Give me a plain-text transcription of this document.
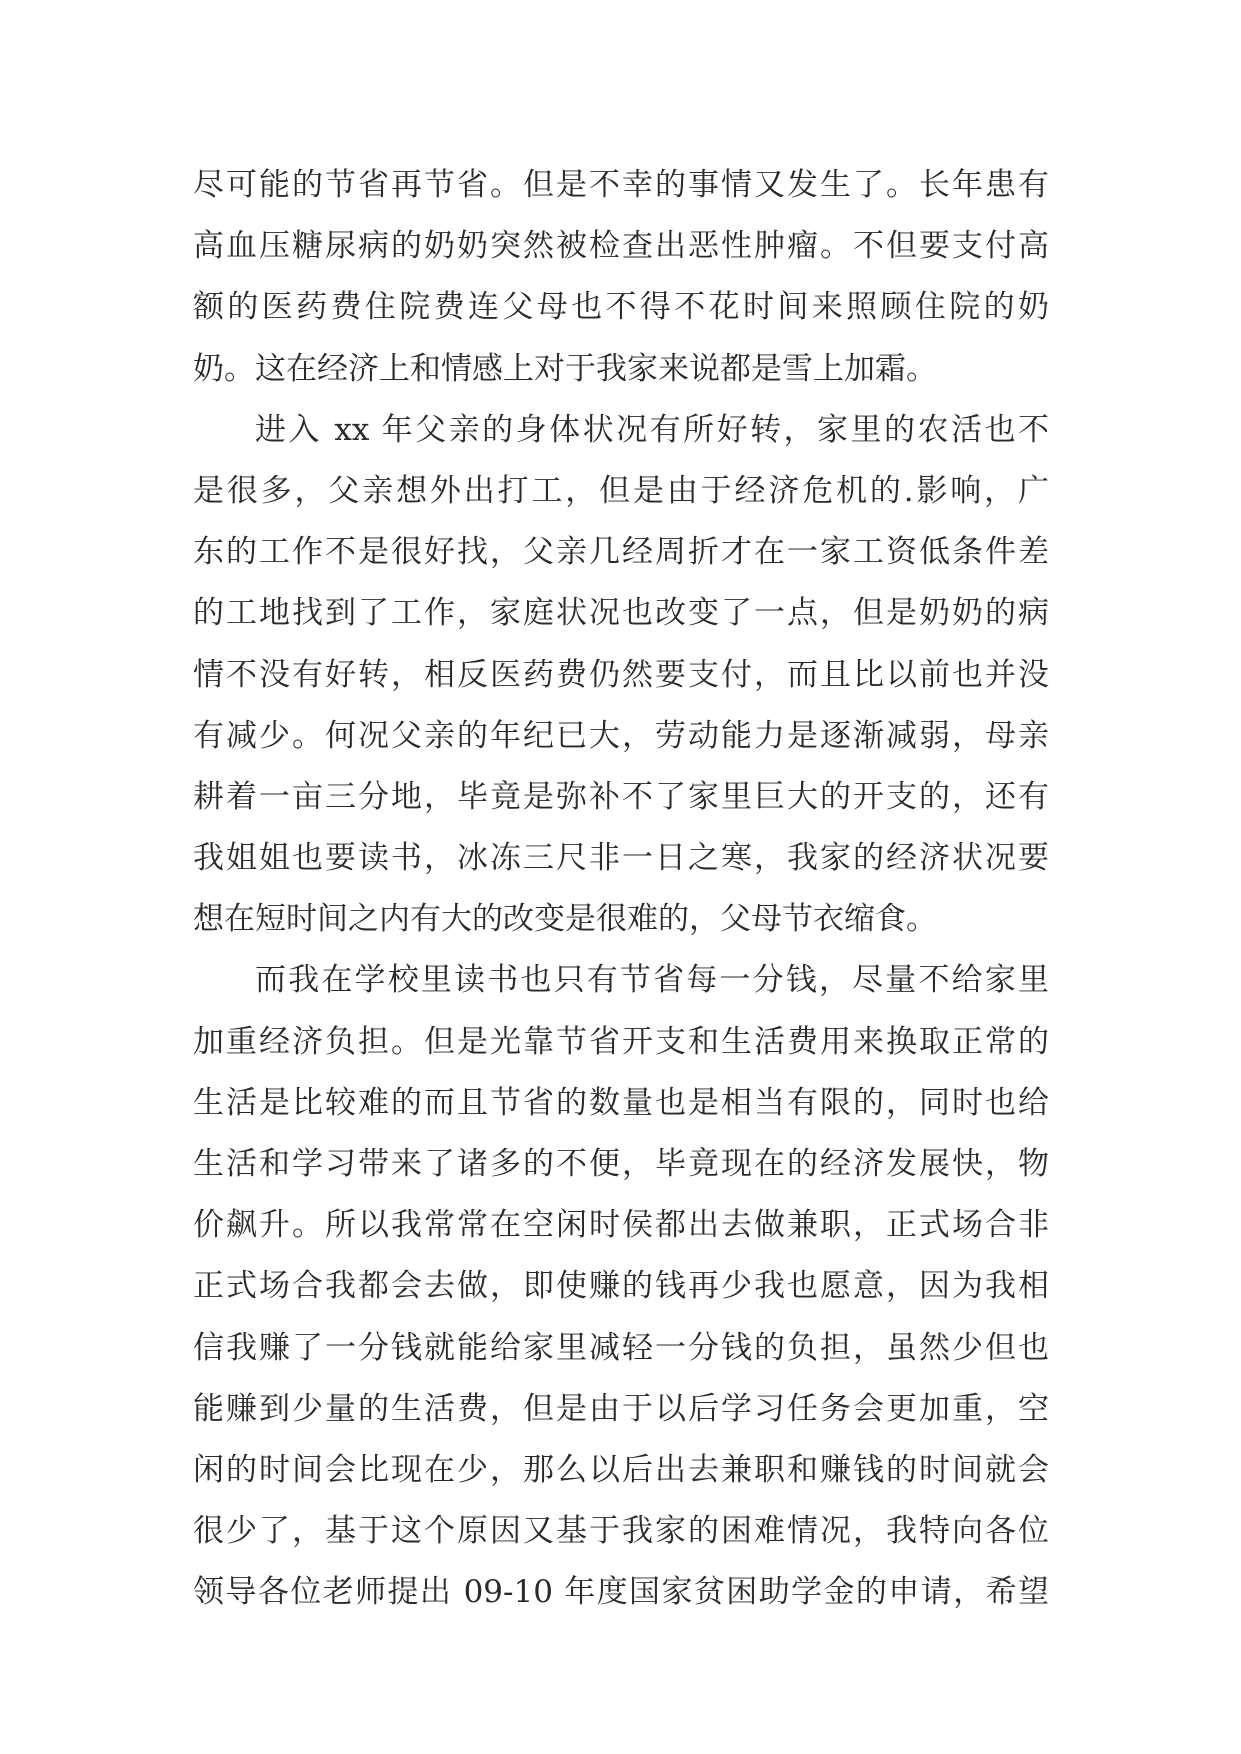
尽可能的节省再节省。但是不幸的事情又发生了。长年患有
高血压糖尿病的奶奶突然被检查出恶性肿瘤。不但要支付高
额的医药费住院费连父母也不得不花时间来照顾住院的奶
奶。这在经济上和情感上对于我家来说都是雪上加霜。
进入 xx 年父亲的身体状况有所好转，家里的农活也不
是很多，父亲想外出打工，但是由于经济危机的.影响，广
东的工作不是很好找，父亲几经周折才在一家工资低条件差
的工地找到了工作，家庭状况也改变了一点，但是奶奶的病
情不没有好转，相反医药费仍然要支付，而且比以前也并没
有减少。何况父亲的年纪已大，劳动能力是逐渐减弱，母亲
耕着一亩三分地，毕竟是弥补不了家里巨大的开支的，还有
我姐姐也要读书，冰冻三尺非一日之寒，我家的经济状况要
想在短时间之内有大的改变是很难的，父母节衣缩食。
而我在学校里读书也只有节省每一分钱，尽量不给家里
加重经济负担。但是光靠节省开支和生活费用来换取正常的
生活是比较难的而且节省的数量也是相当有限的，同时也给
生活和学习带来了诸多的不便，毕竟现在的经济发展快，物
价飙升。所以我常常在空闲时侯都出去做兼职，正式场合非
正式场合我都会去做，即使赚的钱再少我也愿意，因为我相
信我赚了一分钱就能给家里减轻一分钱的负担，虽然少但也
能赚到少量的生活费，但是由于以后学习任务会更加重，空
闲的时间会比现在少，那么以后出去兼职和赚钱的时间就会
很少了，基于这个原因又基于我家的困难情况，我特向各位
领导各位老师提出 09-10 年度国家贫困助学金的申请，希望
